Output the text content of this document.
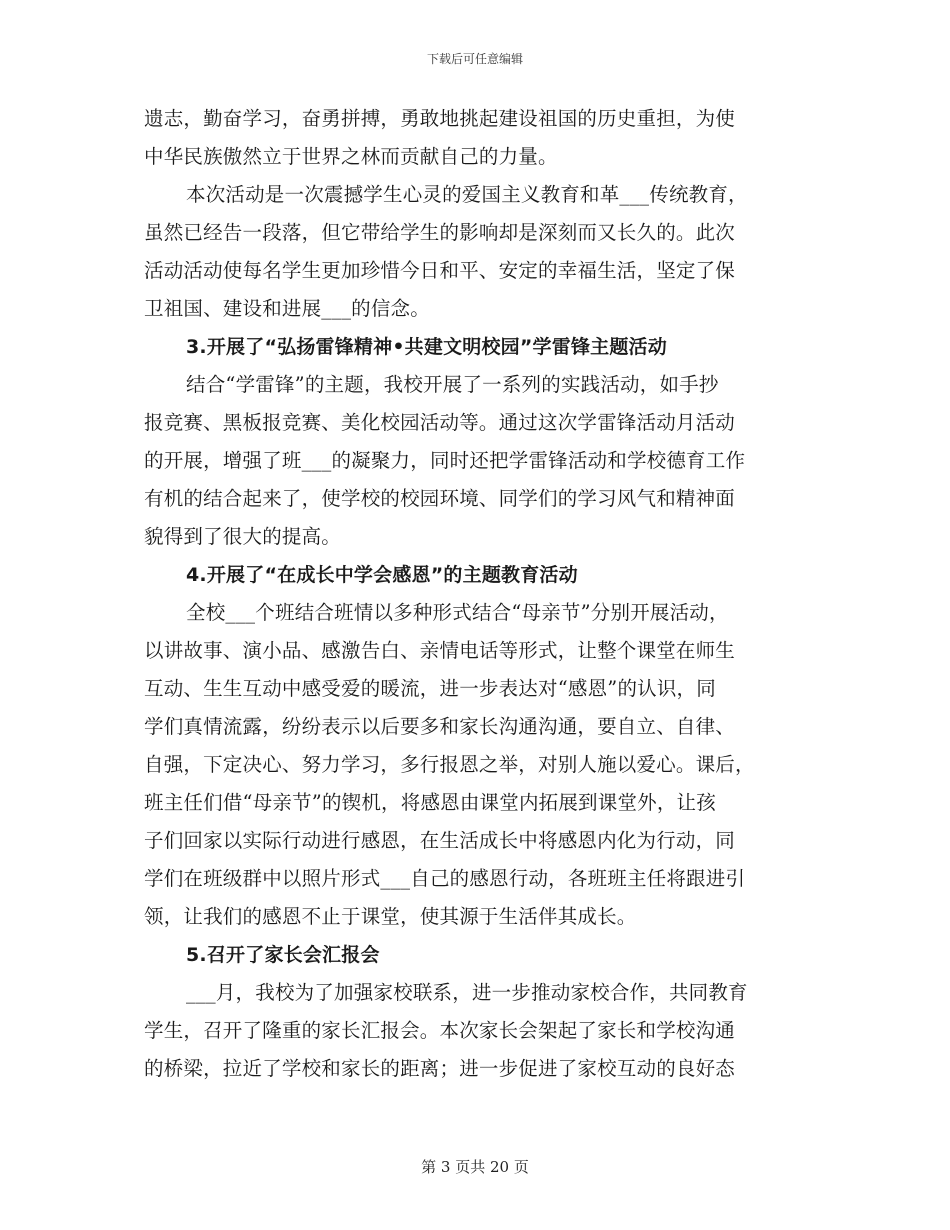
下载后可任意编辑
遗志，勤奋学习，奋勇拼搏，勇敢地挑起建设祖国的历史重担，为使
中华民族傲然立于世界之林而贡献自己的力量。
本次活动是一次震撼学生心灵的爱国主义教育和革___传统教育，
虽然已经告一段落，但它带给学生的影响却是深刻而又长久的。此次
活动活动使每名学生更加珍惜今日和平、安定的幸福生活，坚定了保
卫祖国、建设和进展___的信念。
3.开展了“弘扬雷锋精神•共建文明校园”学雷锋主题活动
结合“学雷锋”的主题，我校开展了一系列的实践活动，如手抄
报竞赛、黑板报竞赛、美化校园活动等。通过这次学雷锋活动月活动
的开展，增强了班___的凝聚力，同时还把学雷锋活动和学校德育工作
有机的结合起来了，使学校的校园环境、同学们的学习风气和精神面
貌得到了很大的提高。
4.开展了“在成长中学会感恩”的主题教育活动
全校___个班结合班情以多种形式结合“母亲节”分别开展活动，
以讲故事、演小品、感激告白、亲情电话等形式，让整个课堂在师生
互动、生生互动中感受爱的暖流，进一步表达对“感恩”的认识，同
学们真情流露，纷纷表示以后要多和家长沟通沟通，要自立、自律、
自强，下定决心、努力学习，多行报恩之举，对别人施以爱心。课后，
班主任们借“母亲节”的锲机，将感恩由课堂内拓展到课堂外，让孩
子们回家以实际行动进行感恩，在生活成长中将感恩内化为行动，同
学们在班级群中以照片形式___自己的感恩行动，各班班主任将跟进引
领，让我们的感恩不止于课堂，使其源于生活伴其成长。
5.召开了家长会汇报会
___月，我校为了加强家校联系，进一步推动家校合作，共同教育
学生，召开了隆重的家长汇报会。本次家长会架起了家长和学校沟通
的桥梁，拉近了学校和家长的距离；进一步促进了家校互动的良好态
第 3 页共 20 页
